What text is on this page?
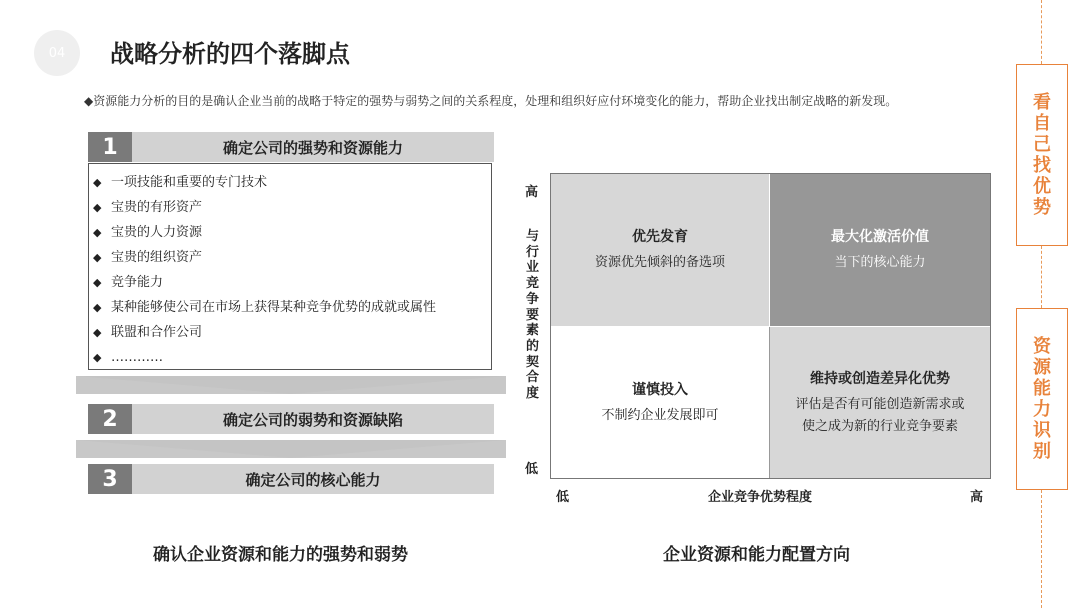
04	战略分析的四个落脚点
◆资源能力分析的目的是确认企业当前的战略于特定的强势与弱势之间的关系程度，处理和组织好应付环境变化的能力，帮助企业找出制定战略的新发现。	看
自
己
找
优
势
资
源
能
力
识
别
1	确定公司的强势和资源能力
◆ 一项技能和重要的专门技术
◆ 宝贵的有形资产
◆ 宝贵的人力资源
◆ 宝贵的组织资产
◆ 竞争能力
◆ 某种能够使公司在市场上获得某种竞争优势的成就或属性
◆ 联盟和合作公司
◆ …………
2	确定公司的弱势和资源缺陷
3	确定公司的核心能力
确认企业资源和能力的强势和弱势
高
与行业竞争要素的契合度
低
优先发育
资源优先倾斜的备选项
最大化激活价值
当下的核心能力
谨慎投入
不制约企业发展即可
维持或创造差异化优势
评估是否有可能创造新需求或
使之成为新的行业竞争要素
低	企业竞争优势程度	高
企业资源和能力配置方向
